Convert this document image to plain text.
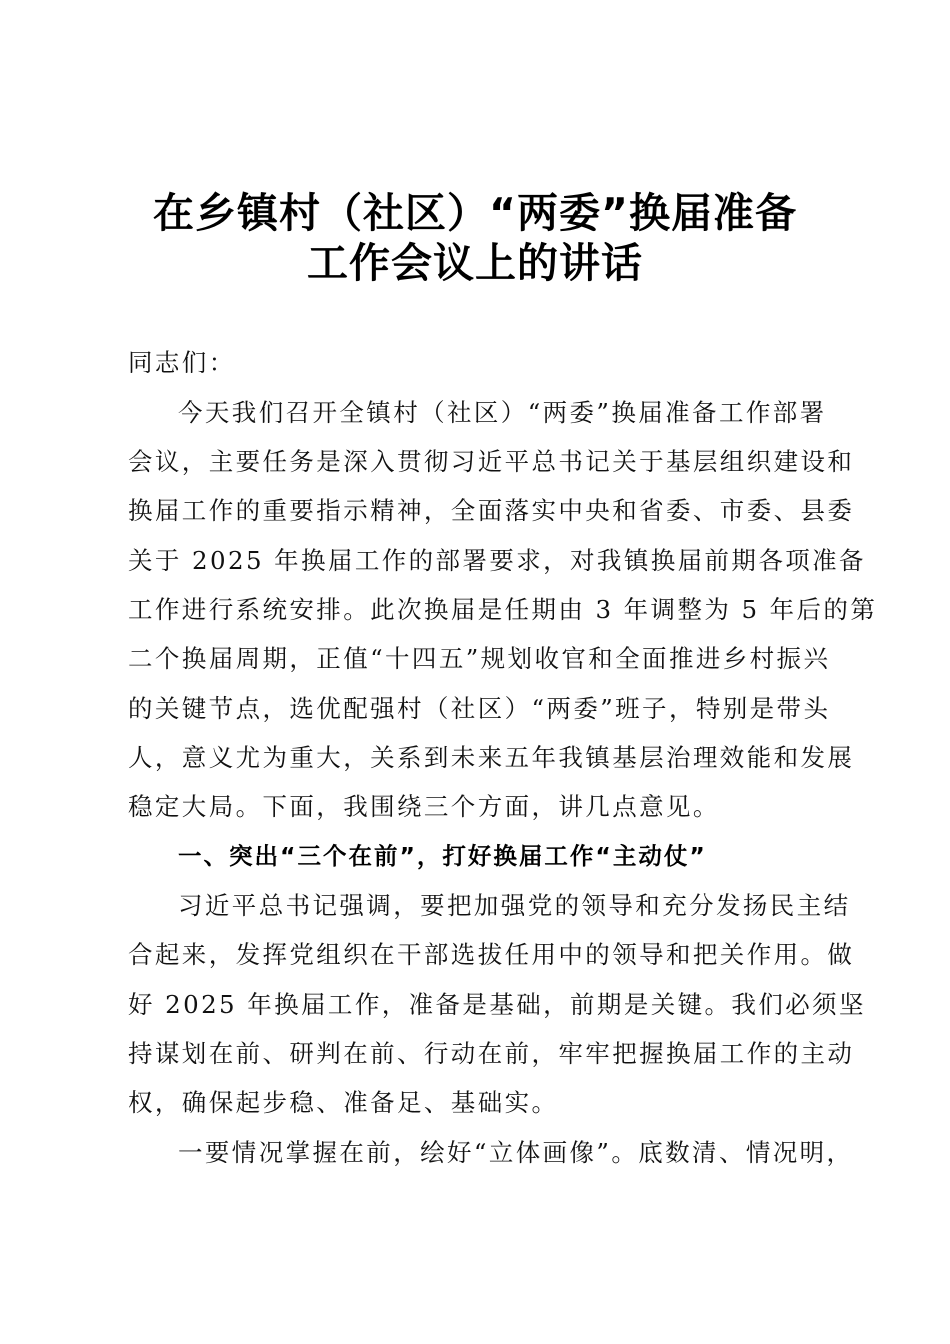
在乡镇村（社区）“两委”换届准备
工作会议上的讲话
同志们：
今天我们召开全镇村（社区）“两委”换届准备工作部署
会议，主要任务是深入贯彻习近平总书记关于基层组织建设和
换届工作的重要指示精神，全面落实中央和省委、市委、县委
关于 2025 年换届工作的部署要求，对我镇换届前期各项准备
工作进行系统安排。此次换届是任期由 3 年调整为 5 年后的第
二个换届周期，正值“十四五”规划收官和全面推进乡村振兴
的关键节点，选优配强村（社区）“两委”班子，特别是带头
人，意义尤为重大，关系到未来五年我镇基层治理效能和发展
稳定大局。下面，我围绕三个方面，讲几点意见。
一、突出“三个在前”，打好换届工作“主动仗”
习近平总书记强调，要把加强党的领导和充分发扬民主结
合起来，发挥党组织在干部选拔任用中的领导和把关作用。做
好 2025 年换届工作，准备是基础，前期是关键。我们必须坚
持谋划在前、研判在前、行动在前，牢牢把握换届工作的主动
权，确保起步稳、准备足、基础实。
一要情况掌握在前，绘好“立体画像”。底数清、情况明，
